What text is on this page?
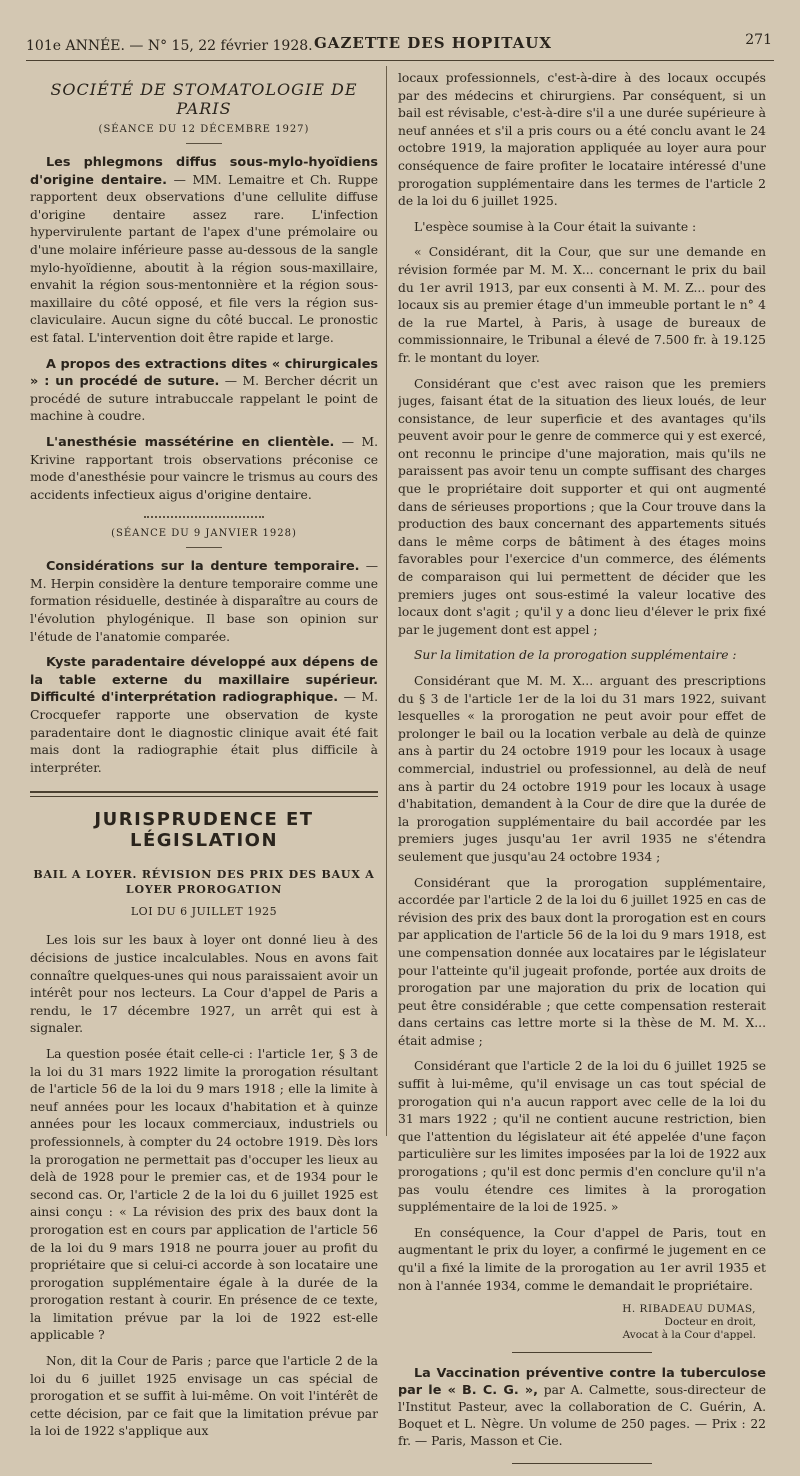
101e ANNÉE. — N° 15, 22 février 1928. GAZETTE DES HOPITAUX	271
SOCIÉTÉ DE STOMATOLOGIE DE PARIS
(SÉANCE DU 12 DÉCEMBRE 1927)

Les phlegmons diffus sous-mylo-hyoïdiens d'origine dentaire. — MM. Lemaitre et Ch. Ruppe rapportent deux observations d'une cellulite diffuse d'origine dentaire assez rare. L'infection hypervirulente partant de l'apex d'une prémolaire ou d'une molaire inférieure passe au-dessous de la sangle mylo-hyoïdienne, aboutit à la région sous-maxillaire, envahit la région sous-mentonnière et la région sous-maxillaire du côté opposé, et file vers la région sus-claviculaire. Aucun signe du côté buccal. Le pronostic est fatal. L'intervention doit être rapide et large.

A propos des extractions dites « chirurgicales » : un procédé de suture. — M. Bercher décrit un procédé de suture intrabuccale rappelant le point de machine à coudre.

L'anesthésie massétérine en clientèle. — M. Krivine rapportant trois observations préconise ce mode d'anesthésie pour vaincre le trismus au cours des accidents infectieux aigus d'origine dentaire.

(SÉANCE DU 9 JANVIER 1928)

Considérations sur la denture temporaire. — M. Herpin considère la denture temporaire comme une formation résiduelle, destinée à disparaître au cours de l'évolution phylogénique. Il base son opinion sur l'étude de l'anatomie comparée.

Kyste paradentaire développé aux dépens de la table externe du maxillaire supérieur. Difficulté d'interprétation radiographique. — M. Crocquefer rapporte une observation de kyste paradentaire dont le diagnostic clinique avait été fait mais dont la radiographie était plus difficile à interpréter.

JURISPRUDENCE ET LÉGISLATION
BAIL A LOYER. RÉVISION DES PRIX DES BAUX A LOYER PROROGATION
LOI DU 6 JUILLET 1925

Les lois sur les baux à loyer ont donné lieu à des décisions de justice incalculables. Nous en avons fait connaître quelques-unes qui nous paraissaient avoir un intérêt pour nos lecteurs. La Cour d'appel de Paris a rendu, le 17 décembre 1927, un arrêt qui est à signaler.

La question posée était celle-ci : l'article 1er, § 3 de la loi du 31 mars 1922 limite la prorogation résultant de l'article 56 de la loi du 9 mars 1918 ; elle la limite à neuf années pour les locaux d'habitation et à quinze années pour les locaux commerciaux, industriels ou professionnels, à compter du 24 octobre 1919. Dès lors la prorogation ne permettait pas d'occuper les lieux au delà de 1928 pour le premier cas, et de 1934 pour le second cas. Or, l'article 2 de la loi du 6 juillet 1925 est ainsi conçu : « La révision des prix des baux dont la prorogation est en cours par application de l'article 56 de la loi du 9 mars 1918 ne pourra jouer au profit du propriétaire que si celui-ci accorde à son locataire une prorogation supplémentaire égale à la durée de la prorogation restant à courir. En présence de ce texte, la limitation prévue par la loi de 1922 est-elle applicable ?

Non, dit la Cour de Paris ; parce que l'article 2 de la loi du 6 juillet 1925 envisage un cas spécial de prorogation et se suffit à lui-même. On voit l'intérêt de cette décision, par ce fait que la limitation prévue par la loi de 1922 s'applique aux

locaux professionnels, c'est-à-dire à des locaux occupés par des médecins et chirurgiens. Par conséquent, si un bail est révisable, c'est-à-dire s'il a une durée supérieure à neuf années et s'il a pris cours ou a été conclu avant le 24 octobre 1919, la majoration appliquée au loyer aura pour conséquence de faire profiter le locataire intéressé d'une prorogation supplémentaire dans les termes de l'article 2 de la loi du 6 juillet 1925.

L'espèce soumise à la Cour était la suivante :

« Considérant, dit la Cour, que sur une demande en révision formée par M. M. X... concernant le prix du bail du 1er avril 1913, par eux consenti à M. M. Z... pour des locaux sis au premier étage d'un immeuble portant le n° 4 de la rue Martel, à Paris, à usage de bureaux de commissionnaire, le Tribunal a élevé de 7.500 fr. à 19.125 fr. le montant du loyer.

Considérant que c'est avec raison que les premiers juges, faisant état de la situation des lieux loués, de leur consistance, de leur superficie et des avantages qu'ils peuvent avoir pour le genre de commerce qui y est exercé, ont reconnu le principe d'une majoration, mais qu'ils ne paraissent pas avoir tenu un compte suffisant des charges que le propriétaire doit supporter et qui ont augmenté dans de sérieuses proportions ; que la Cour trouve dans la production des baux concernant des appartements situés dans le même corps de bâtiment à des étages moins favorables pour l'exercice d'un commerce, des éléments de comparaison qui lui permettent de décider que les premiers juges ont sous-estimé la valeur locative des locaux dont s'agit ; qu'il y a donc lieu d'élever le prix fixé par le jugement dont est appel ;

Sur la limitation de la prorogation supplémentaire :

Considérant que M. M. X... arguant des prescriptions du § 3 de l'article 1er de la loi du 31 mars 1922, suivant lesquelles « la prorogation ne peut avoir pour effet de prolonger le bail ou la location verbale au delà de quinze ans à partir du 24 octobre 1919 pour les locaux à usage commercial, industriel ou professionnel, au delà de neuf ans à partir du 24 octobre 1919 pour les locaux à usage d'habitation, demandent à la Cour de dire que la durée de la prorogation supplémentaire du bail accordée par les premiers juges jusqu'au 1er avril 1935 ne s'étendra seulement que jusqu'au 24 octobre 1934 ;

Considérant que la prorogation supplémentaire, accordée par l'article 2 de la loi du 6 juillet 1925 en cas de révision des prix des baux dont la prorogation est en cours par application de l'article 56 de la loi du 9 mars 1918, est une compensation donnée aux locataires par le législateur pour l'atteinte qu'il jugeait profonde, portée aux droits de prorogation par une majoration du prix de location qui peut être considérable ; que cette compensation resterait dans certains cas lettre morte si la thèse de M. M. X... était admise ;

Considérant que l'article 2 de la loi du 6 juillet 1925 se suffit à lui-même, qu'il envisage un cas tout spécial de prorogation qui n'a aucun rapport avec celle de la loi du 31 mars 1922 ; qu'il ne contient aucune restriction, bien que l'attention du législateur ait été appelée d'une façon particulière sur les limites imposées par la loi de 1922 aux prorogations ; qu'il est donc permis d'en conclure qu'il n'a pas voulu étendre ces limites à la prorogation supplémentaire de la loi de 1925. »

En conséquence, la Cour d'appel de Paris, tout en augmentant le prix du loyer, a confirmé le jugement en ce qu'il a fixé la limite de la prorogation au 1er avril 1935 et non à l'année 1934, comme le demandait le propriétaire.

H. RIBADEAU DUMAS,
Docteur en droit,
Avocat à la Cour d'appel.

La Vaccination préventive contre la tuberculose par le « B. C. G. », par A. Calmette, sous-directeur de l'Institut Pasteur, avec la collaboration de C. Guérin, A. Boquet et L. Nègre. Un volume de 250 pages. — Prix : 22 fr. — Paris, Masson et Cie.
